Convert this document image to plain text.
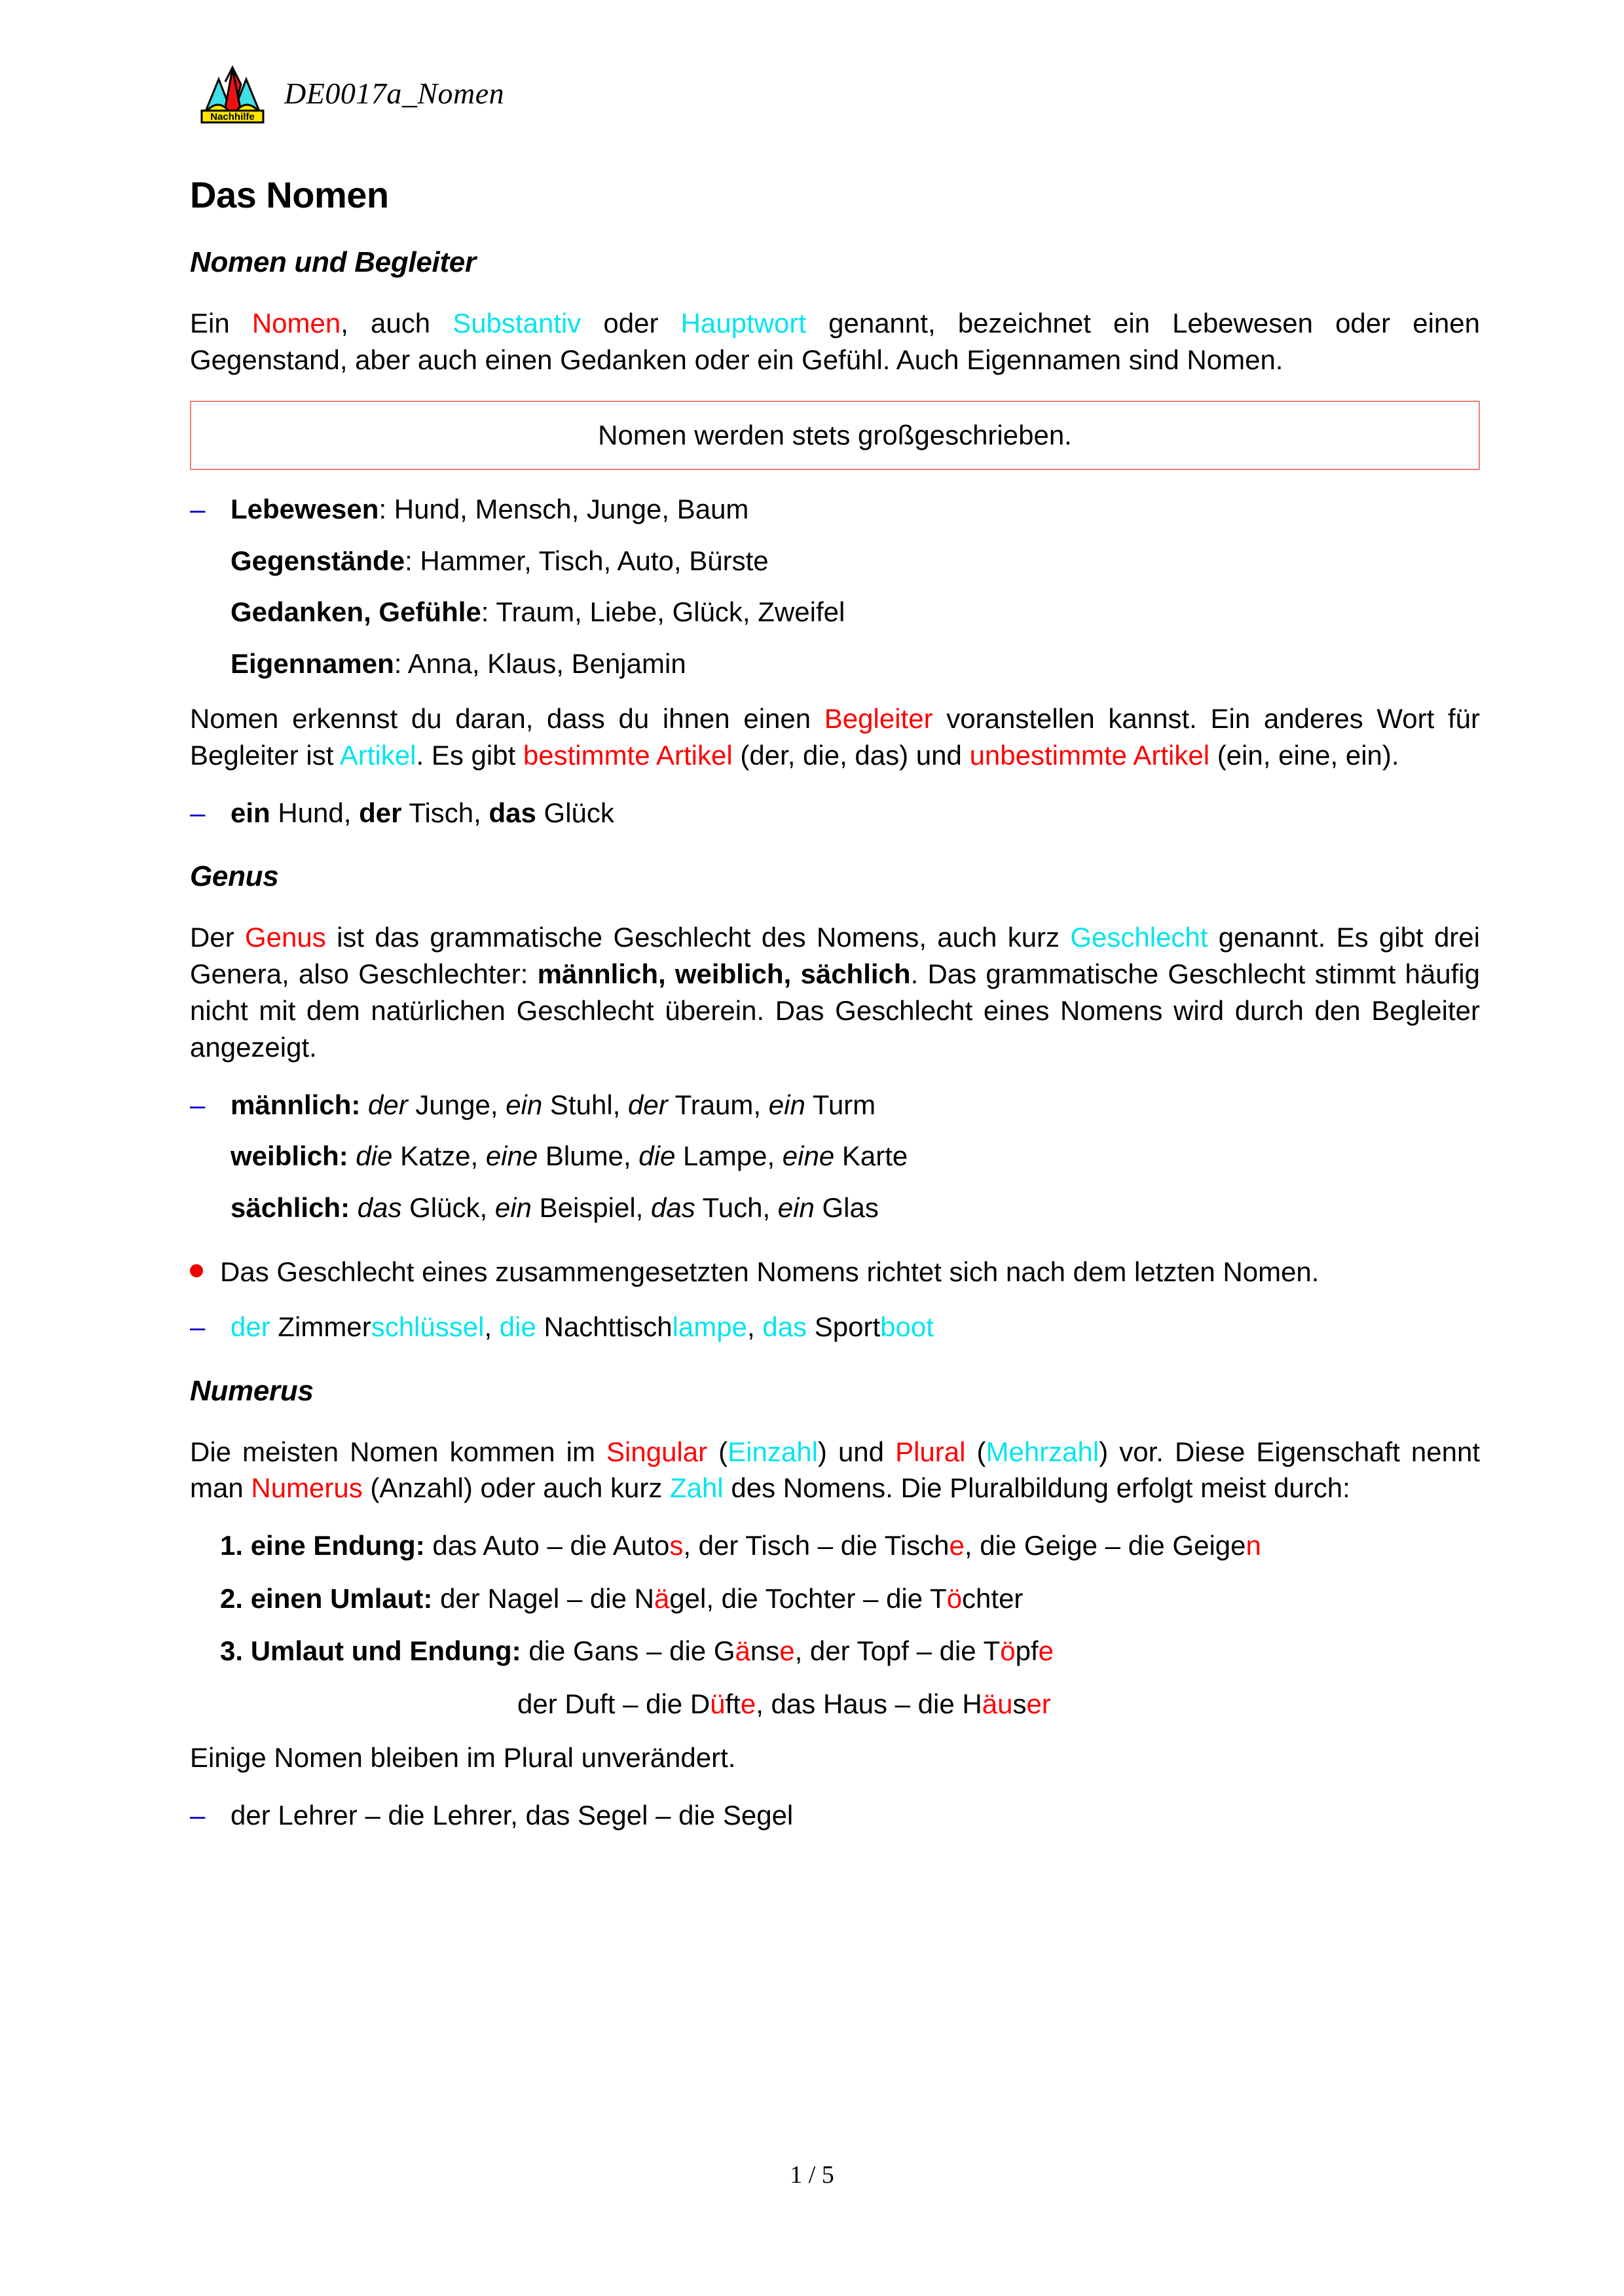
Nachhilfe
DE0017a_Nomen
Das Nomen
Nomen und Begleiter

Ein Nomen, auch Substantiv oder Hauptwort genannt, bezeichnet ein Lebewesen oder einen Gegenstand, aber auch einen Gedanken oder ein Gefühl. Auch Eigennamen sind Nomen.

Nomen werden stets großgeschrieben.
– Lebewesen: Hund, Mensch, Junge, Baum
Gegenstände: Hammer, Tisch, Auto, Bürste
Gedanken, Gefühle: Traum, Liebe, Glück, Zweifel
Eigennamen: Anna, Klaus, Benjamin

Nomen erkennst du daran, dass du ihnen einen Begleiter voranstellen kannst. Ein anderes Wort für Begleiter ist Artikel. Es gibt bestimmte Artikel (der, die, das) und unbestimmte Artikel (ein, eine, ein).

– ein Hund, der Tisch, das Glück
Genus

Der Genus ist das grammatische Geschlecht des Nomens, auch kurz Geschlecht genannt. Es gibt drei Genera, also Geschlechter: männlich, weiblich, sächlich. Das grammatische Geschlecht stimmt häufig nicht mit dem natürlichen Geschlecht überein. Das Geschlecht eines Nomens wird durch den Begleiter angezeigt.

– männlich: der Junge, ein Stuhl, der Traum, ein Turm
weiblich: die Katze, eine Blume, die Lampe, eine Karte
sächlich: das Glück, ein Beispiel, das Tuch, ein Glas
Das Geschlecht eines zusammengesetzten Nomens richtet sich nach dem letzten Nomen.
– der Zimmerschlüssel, die Nachttischlampe, das Sportboot
Numerus

Die meisten Nomen kommen im Singular (Einzahl) und Plural (Mehrzahl) vor. Diese Eigenschaft nennt man Numerus (Anzahl) oder auch kurz Zahl des Nomens. Die Pluralbildung erfolgt meist durch:

1. eine Endung: das Auto – die Autos, der Tisch – die Tische, die Geige – die Geigen
2. einen Umlaut: der Nagel – die Nägel, die Tochter – die Töchter
3. Umlaut und Endung: die Gans – die Gänse, der Topf – die Töpfe
der Duft – die Düfte, das Haus – die Häuser

Einige Nomen bleiben im Plural unverändert.

– der Lehrer – die Lehrer, das Segel – die Segel
1 / 5
